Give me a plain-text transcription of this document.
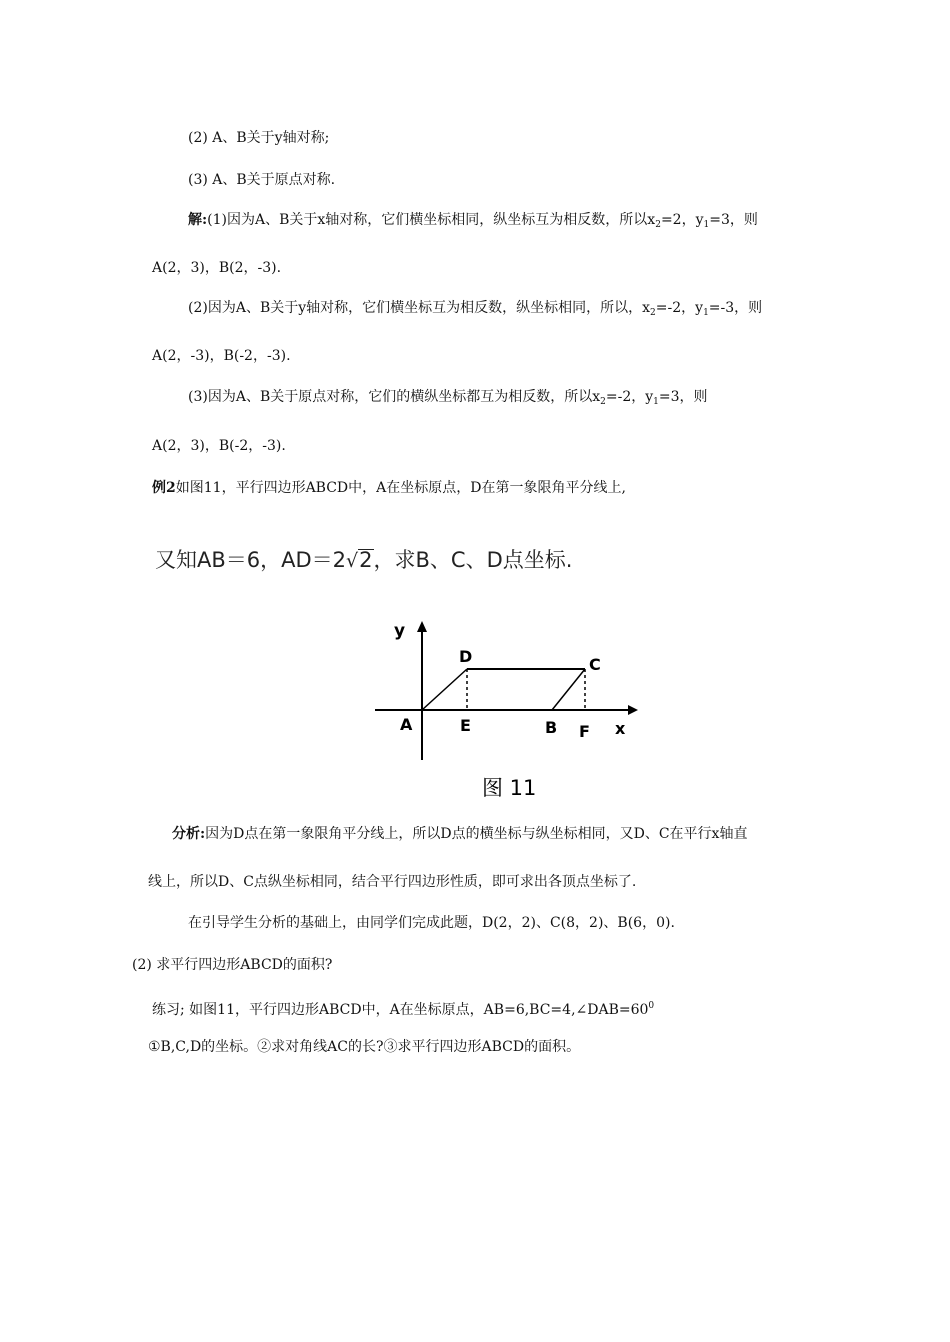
(2) A、B关于y轴对称;
(3) A、B关于原点对称.
解:(1)因为A、B关于x轴对称，它们横坐标相同，纵坐标互为相反数，所以$x_2=2$，$y_1=3$，则
A(2，3)，B(2，-3).
(2)因为A、B关于y轴对称，它们横坐标互为相反数，纵坐标相同，所以，$x_2=-2$，$y_1=-3$，则
A(2，-3)，B(-2，-3).
(3)因为A、B关于原点对称，它们的横纵坐标都互为相反数，所以$x_2=-2$，$y_1=3$，则
A(2，3)，B(-2，-3).
例2如图11，平行四边形ABCD中，A在坐标原点，D在第一象限角平分线上,
又知AB＝6，AD＝2√2，求B、C、D点坐标.
y
x
A
D	C
E	B F
图 11
分析:因为D点在第一象限角平分线上，所以D点的横坐标与纵坐标相同，又D、C在平行x轴直
线上，所以D、C点纵坐标相同，结合平行四边形性质，即可求出各顶点坐标了.
在引导学生分析的基础上，由同学们完成此题，D(2，2)、C(8，2)、B(6，0).
(2) 求平行四边形ABCD的面积?
练习; 如图11，平行四边形ABCD中，A在坐标原点，$AB=6,BC=4,\angle DAB=60^0$
①B,C,D的坐标。②求对角线AC的长?③求平行四边形ABCD的面积。
